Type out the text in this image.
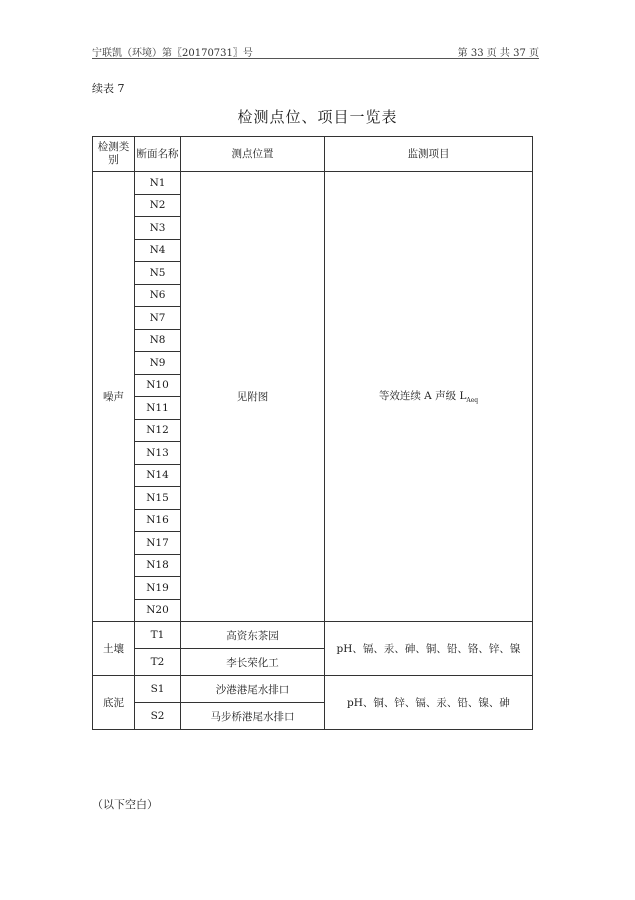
宁联凯（环境）第〖20170731〗号	第 33 页 共 37 页
续表 7
检测点位、项目一览表
检测类别	断面名称	测点位置	监测项目
噪声	N1	见附图	等效连续 A 声级 $L_{Aeq}$
	N2		
	N3		
	N4		
	N5		
	N6		
	N7		
	N8		
	N9		
	N10		
	N11		
	N12		
	N13		
	N14		
	N15		
	N16		
	N17		
	N18		
	N19		
	N20		
土壤	T1	高资东茶园	pH、镉、汞、砷、铜、铅、铬、锌、镍
	T2	李长荣化工	
底泥	S1	沙港港尾水排口	pH、铜、锌、镉、汞、铅、镍、砷
	S2	马步桥港尾水排口	
（以下空白）
